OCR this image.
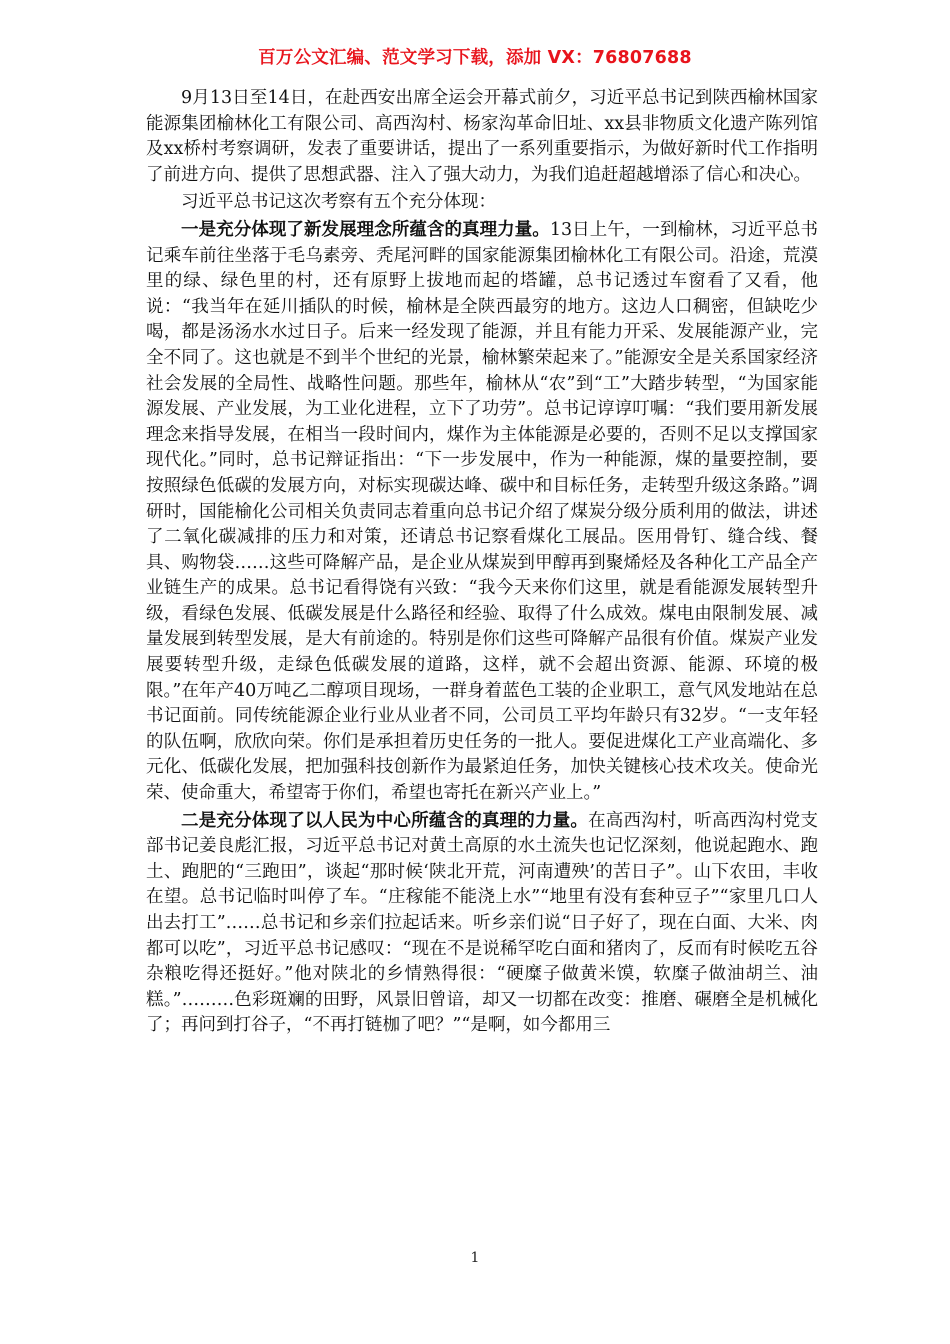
百万公文汇编、范文学习下载，添加 VX：76807688

9月13日至14日，在赴西安出席全运会开幕式前夕，习近平总书记到陕西榆林国家能源集团榆林化工有限公司、高西沟村、杨家沟革命旧址、xx县非物质文化遗产陈列馆及xx桥村考察调研，发表了重要讲话，提出了一系列重要指示，为做好新时代工作指明了前进方向、提供了思想武器、注入了强大动力，为我们追赶超越增添了信心和决心。

习近平总书记这次考察有五个充分体现：

一是充分体现了新发展理念所蕴含的真理力量。13日上午，一到榆林，习近平总书记乘车前往坐落于毛乌素旁、秃尾河畔的国家能源集团榆林化工有限公司。沿途，荒漠里的绿、绿色里的村，还有原野上拔地而起的塔罐，总书记透过车窗看了又看，他说：“我当年在延川插队的时候，榆林是全陕西最穷的地方。这边人口稠密，但缺吃少喝，都是汤汤水水过日子。后来一经发现了能源，并且有能力开采、发展能源产业，完全不同了。这也就是不到半个世纪的光景，榆林繁荣起来了。”能源安全是关系国家经济社会发展的全局性、战略性问题。那些年，榆林从“农”到“工”大踏步转型，“为国家能源发展、产业发展，为工业化进程，立下了功劳”。总书记谆谆叮嘱：“我们要用新发展理念来指导发展，在相当一段时间内，煤作为主体能源是必要的，否则不足以支撑国家现代化。”同时，总书记辩证指出：“下一步发展中，作为一种能源，煤的量要控制，要按照绿色低碳的发展方向，对标实现碳达峰、碳中和目标任务，走转型升级这条路。”调研时，国能榆化公司相关负责同志着重向总书记介绍了煤炭分级分质利用的做法，讲述了二氧化碳减排的压力和对策，还请总书记察看煤化工展品。医用骨钉、缝合线、餐具、购物袋……这些可降解产品，是企业从煤炭到甲醇再到聚烯烃及各种化工产品全产业链生产的成果。总书记看得饶有兴致：“我今天来你们这里，就是看能源发展转型升级，看绿色发展、低碳发展是什么路径和经验、取得了什么成效。煤电由限制发展、减量发展到转型发展，是大有前途的。特别是你们这些可降解产品很有价值。煤炭产业发展要转型升级，走绿色低碳发展的道路，这样，就不会超出资源、能源、环境的极限。”在年产40万吨乙二醇项目现场，一群身着蓝色工装的企业职工，意气风发地站在总书记面前。同传统能源企业行业从业者不同，公司员工平均年龄只有32岁。“一支年轻的队伍啊，欣欣向荣。你们是承担着历史任务的一批人。要促进煤化工产业高端化、多元化、低碳化发展，把加强科技创新作为最紧迫任务，加快关键核心技术攻关。使命光荣、使命重大，希望寄于你们，希望也寄托在新兴产业上。”

二是充分体现了以人民为中心所蕴含的真理的力量。在高西沟村，听高西沟村党支部书记姜良彪汇报，习近平总书记对黄土高原的水土流失也记忆深刻，他说起跑水、跑土、跑肥的“三跑田”，谈起“那时候‘陕北开荒，河南遭殃’的苦日子”。山下农田，丰收在望。总书记临时叫停了车。“庄稼能不能浇上水”“地里有没有套种豆子”“家里几口人出去打工”……总书记和乡亲们拉起话来。听乡亲们说“日子好了，现在白面、大米、肉都可以吃”，习近平总书记感叹：“现在不是说稀罕吃白面和猪肉了，反而有时候吃五谷杂粮吃得还挺好。”他对陕北的乡情熟得很：“硬糜子做黄米馍，软糜子做油胡兰、油糕。”………色彩斑斓的田野，风景旧曾谙，却又一切都在改变：推磨、碾磨全是机械化了；再问到打谷子，“不再打链枷了吧？”“是啊，如今都用三

1
